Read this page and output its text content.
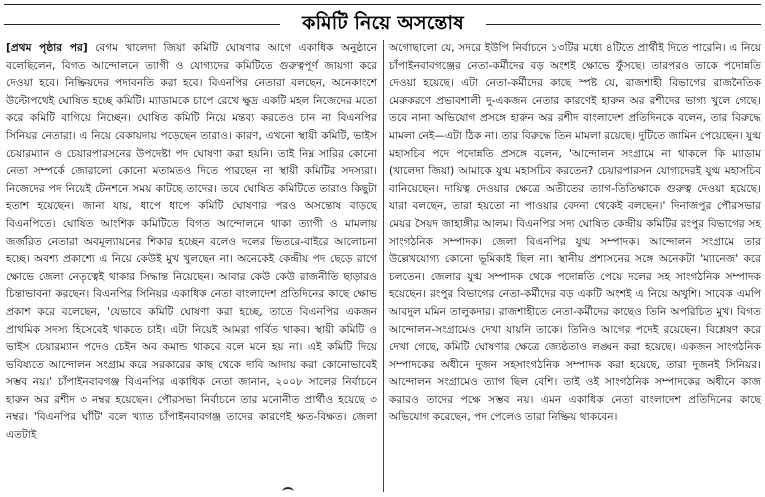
কমিটি নিয়ে অসন্তোষ

[প্রথম পৃষ্ঠার পর] বেগম খালেদা জিয়া কমিটি ঘোষণার আগে একাধিক অনুষ্ঠানে বলেছিলেন, বিগত আন্দোলনে ত্যাগী ও যোগ্যদের কমিটিতে গুরুত্বপূর্ণ জায়গা করে দেওয়া হবে। নিষ্ক্রিয়দের পদাবনতি করা হবে। বিএনপির নেতারা বলছেন, অনেকাংশে উল্টোপথেই ঘোষিত হচ্ছে কমিটি। ম্যাডামকে চাপে রেখে ক্ষুদ্র একটি মহল নিজেদের মতো করে কমিটি বাগিয়ে নিচ্ছেন। ঘোষিত কমিটি নিয়ে মন্তব্য করতেও চান না বিএনপির সিনিয়র নেতারা। এ নিয়ে বেকায়দায় পড়েছেন তারাও। কারণ, এখনো স্থায়ী কমিটি, ভাইস চেয়ারম্যান ও চেয়ারপারসনের উপদেষ্টা পদ ঘোষণা করা হয়নি। তাই নিম্ন সারির কোনো নেতা সম্পর্কে জোরালো কোনো মতামতও দিতে পারছেন না স্থায়ী কমিটির সদস্যরা। নিজেদের পদ নিয়েই টেনশনে সময় কাটছে তাদের। তবে ঘোষিত কমিটিতে তারাও কিছুটা হতাশ হয়েছেন। জানা যায়, ধাপে ধাপে কমিটি ঘোষণার পরও অসন্তোষ বাড়ছে বিএনপিতে। ঘোষিত আংশিক কমিটিতে বিগত আন্দোলনে থাকা ত্যাগী ও মামলায় জর্জরিত নেতারা অবমূল্যায়নের শিকার হচ্ছেন বলেও দলের ভিতরে-বাইরে আলোচনা হচ্ছে। অবশ্য প্রকাশ্যে এ নিয়ে কেউই মুখ খুলছেন না। অনেকেই কেন্দ্রীয় পদ ছেড়ে রাগে ক্ষোভে জেলা নেতৃত্বেই থাকার সিদ্ধান্ত নিয়েছেন। আবার কেউ কেউ রাজনীতি ছাড়ারও চিন্তাভাবনা করছেন। বিএনপির সিনিয়র একাধিক নেতা বাংলাদেশ প্রতিদিনের কাছে ক্ষোভ প্রকাশ করে বলেছেন, 'যেভাবে কমিটি ঘোষণা করা হচ্ছে, তাতে বিএনপির একজন প্রাথমিক সদস্য হিসেবেই থাকতে চাই। এটা নিয়েই আমরা গর্বিত থাকব। স্থায়ী কমিটি ও ভাইস চেয়ারম্যান পদেও চেইন অব কমান্ড থাকবে বলে মনে হয় না। এই কমিটি দিয়ে ভবিষ্যতে আন্দোলন সংগ্রাম করে সরকারের কাছ থেকে দাবি আদায় করা কোনোভাবেই সম্ভব নয়।' চাঁপাইনবাবগঞ্জ বিএনপির একাধিক নেতা জানান, ২০০৮ সালের নির্বাচনে হারুন অর রশীদ ৩ নম্বর হয়েছেন। পৌরসভা নির্বাচনে তার মনোনীত প্রার্থীও হয়েছে ৩ নম্বর। 'বিএনপির ঘাঁটি' বলে খ্যাত চাঁপাইনবাবগঞ্জ তাদের কারণেই ক্ষত-বিক্ষত। জেলা এতটাই

অগোছালো যে, সদরে ইউপি নির্বাচনে ১৩টির মধ্যে ৪টিতে প্রার্থীই দিতে পারেনি। এ নিয়ে চাঁপাইনবাবগঞ্জের নেতা-কর্মীদের বড় অংশই ক্ষোভে ফুঁসছে। তারপরও তাকে পদোন্নতি দেওয়া হয়েছে। এটা নেতা-কর্মীদের কাছে স্পষ্ট যে, রাজশাহী বিভাগের রাজনৈতিক মেরুকরণে প্রভাবশালী দু-একজন নেতার কারণেই হারুন অর রশীদের ভাগ্য খুলে গেছে। তবে নানা অভিযোগ প্রসঙ্গে হারুন অর রশীদ বাংলাদেশ প্রতিদিনকে বলেন, তার বিরুদ্ধে মামলা নেই—এটা ঠিক না। তার বিরুদ্ধে তিন মামলা রয়েছে। দুটিতে জামিন পেয়েছেন। যুগ্ম মহাসচিব পদে পদোন্নতি প্রসঙ্গে বলেন, 'আন্দোলন সংগ্রামে না থাকলে কি ম্যাডাম (খালেদা জিয়া) আমাকে যুগ্ম মহাসচিব করতেন? চেয়ারপারসন যোগ্যদেরই যুগ্ম মহাসচিব বানিয়েছেন। দায়িত্ব দেওয়ার ক্ষেত্রে অতীতের ত্যাগ-তিতিক্ষাকে গুরুত্ব দেওয়া হয়েছে। যারা বলছেন, তারা হয়তো না পাওয়ার বেদনা থেকেই বলছেন।' দিনাজপুর পৌরসভার মেয়র সৈয়দ জাহাঙ্গীর আলম। বিএনপির সদ্য ঘোষিত কেন্দ্রীয় কমিটির রংপুর বিভাগের সহ সাংগঠনিক সম্পাদক। জেলা বিএনপির যুগ্ম সম্পাদক। আন্দোলন সংগ্রামে তার উল্লেখযোগ্য কোনো ভূমিকাই ছিল না। স্থানীয় প্রশাসনের সঙ্গে অনেকটা 'ম্যানেজ' করে চলতেন। জেলার যুগ্ম সম্পাদক থেকে পদোন্নতি পেয়ে দলের সহ সাংগঠনিক সম্পাদক হয়েছেন। রংপুর বিভাগের নেতা-কর্মীদের বড় একটি অংশই এ নিয়ে অখুশি। সাবেক এমপি আবদুল মমিন তালুকদার। রাজশাহীতে নেতা-কর্মীদের কাছেও তিনি অপরিচিত মুখ। বিগত আন্দোলন-সংগ্রামেও দেখা যায়নি তাকে। তিনিও আগের পদেই রয়েছেন। বিশ্লেষণ করে দেখা গেছে, কমিটি ঘোষণার ক্ষেত্রে জ্যেষ্ঠতাও লঙ্ঘন করা হয়েছে। একজন সাংগঠনিক সম্পাদকের অধীনে দুজন সহসাংগঠনিক সম্পাদক করা হয়েছে, তারা দুজনই সিনিয়র। আন্দোলন সংগ্রামেও ত্যাগ ছিল বেশি। তাই ওই সাংগঠনিক সম্পাদকের অধীনে কাজ করারও তাদের পক্ষে সম্ভব নয়। এমন একাধিক নেতা বাংলাদেশ প্রতিদিনের কাছে অভিযোগ করেছেন, পদ পেলেও তারা নিষ্ক্রিয় থাকবেন।
